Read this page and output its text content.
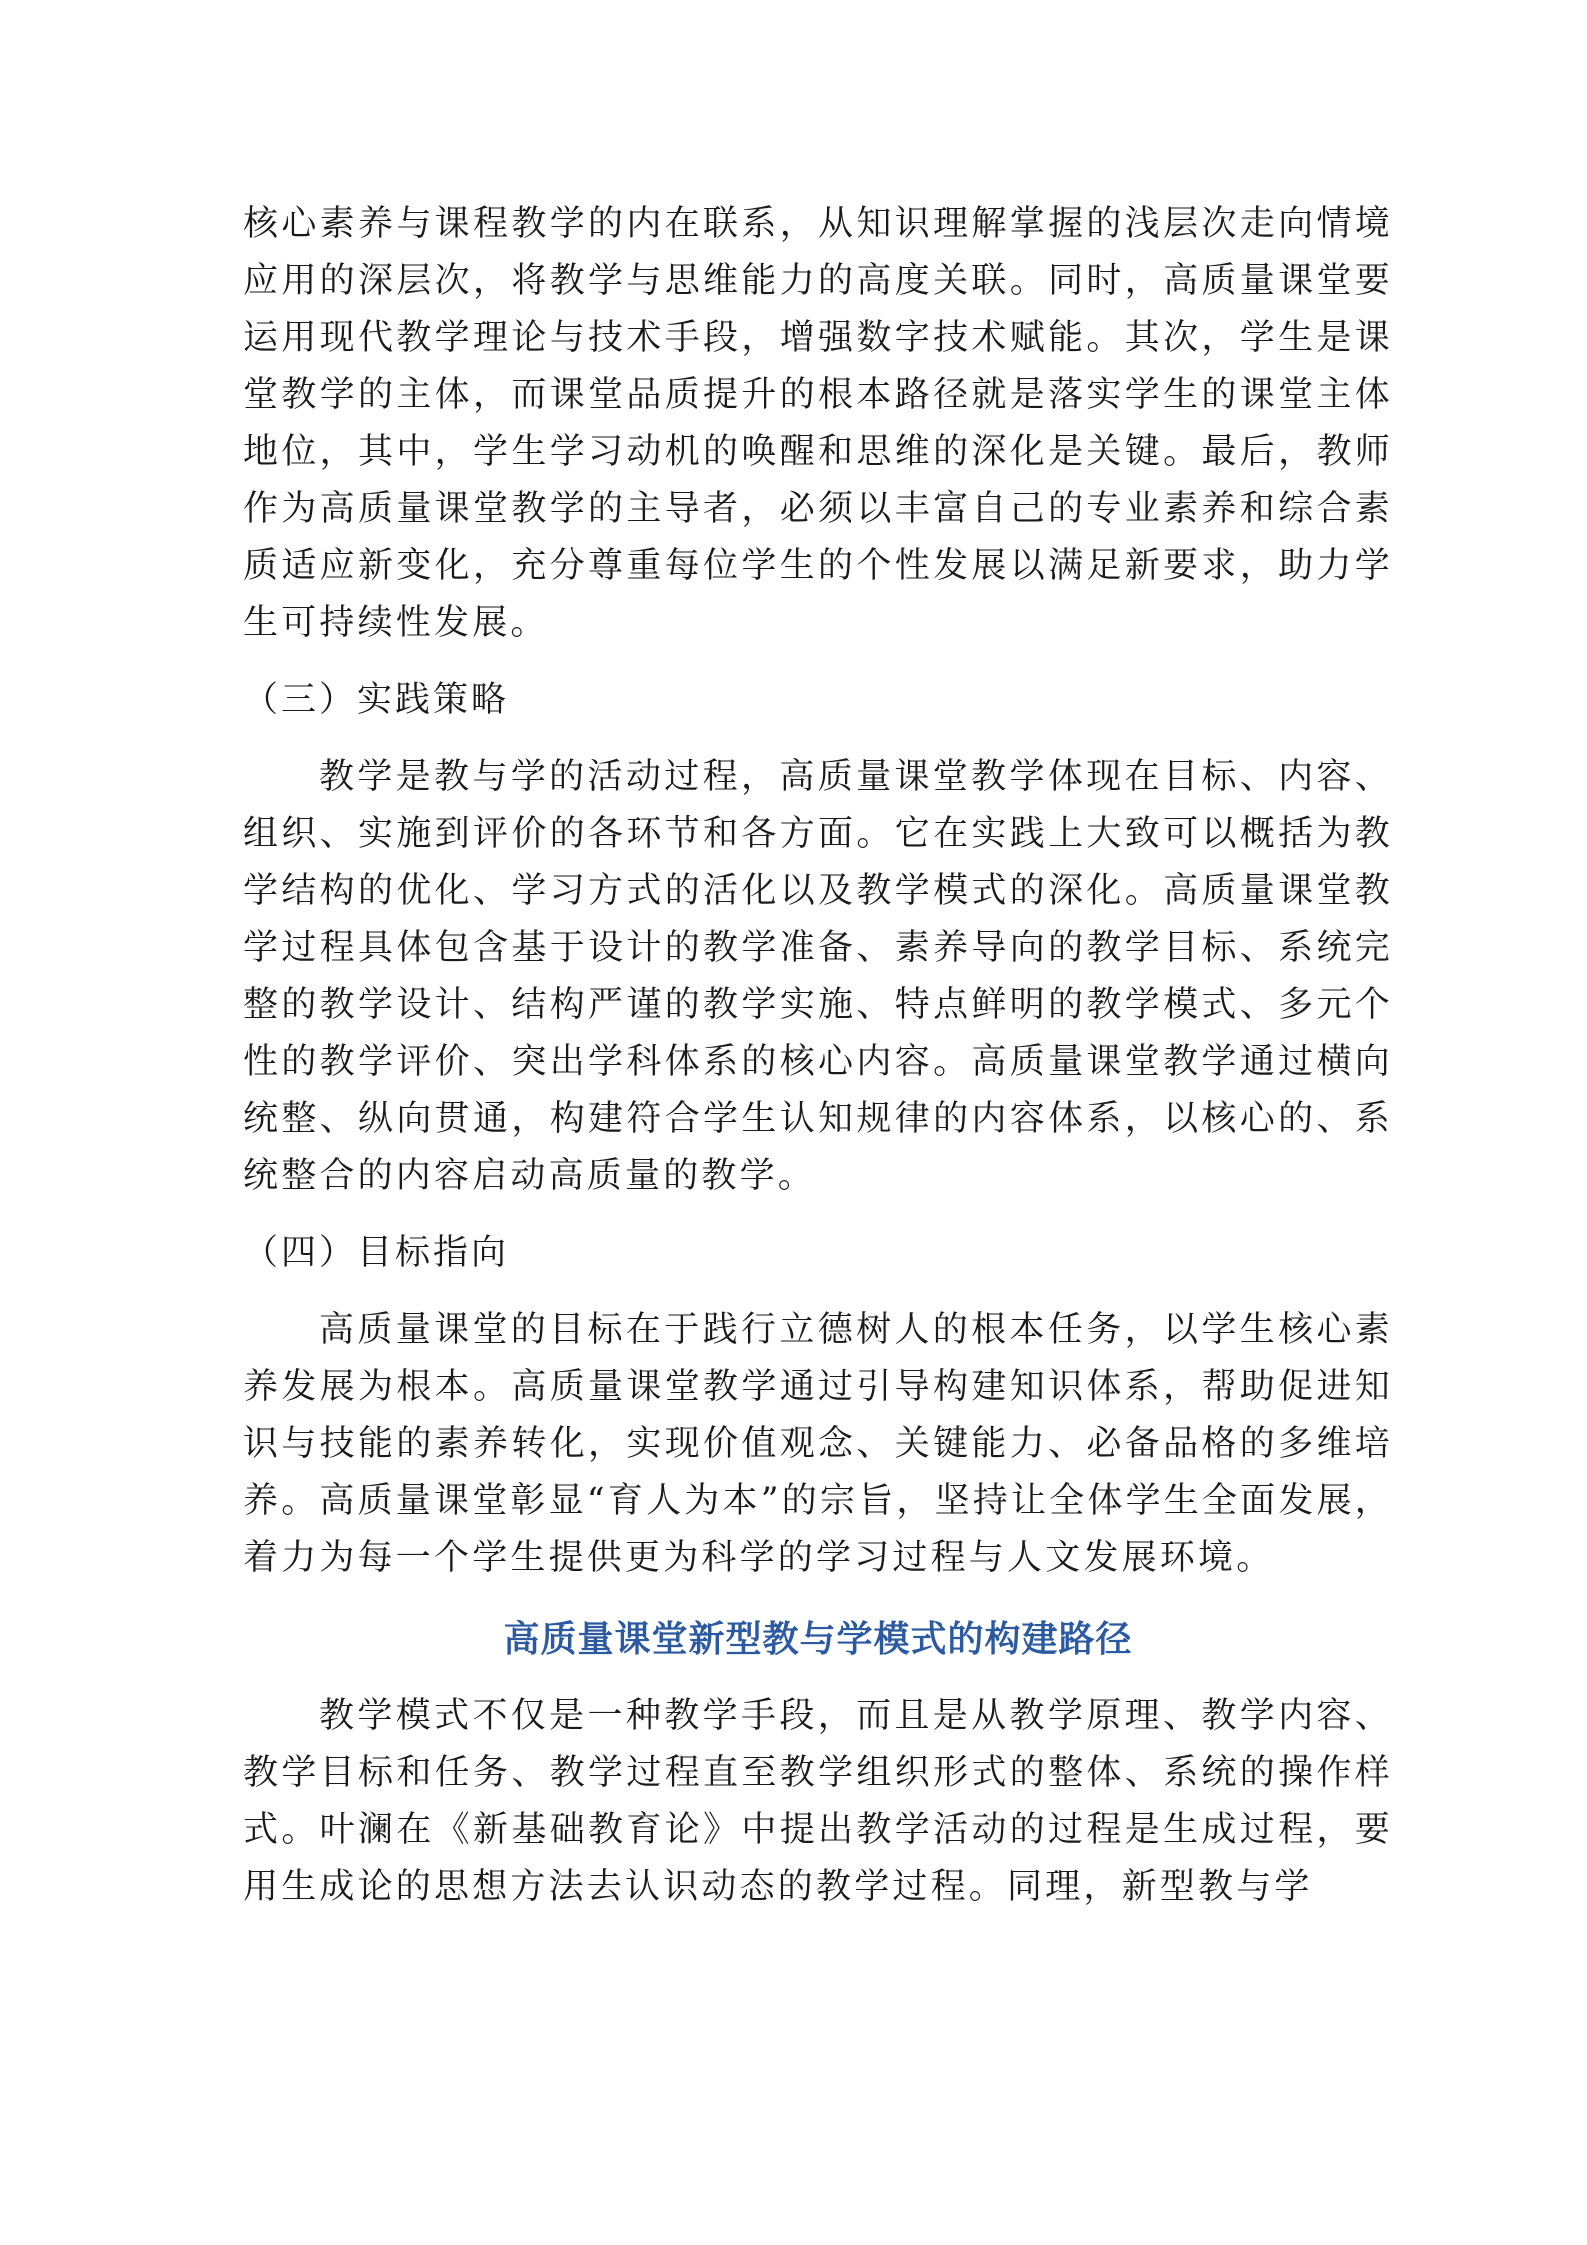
核心素养与课程教学的内在联系，从知识理解掌握的浅层次走向情境应用的深层次，将教学与思维能力的高度关联。同时，高质量课堂要运用现代教学理论与技术手段，增强数字技术赋能。其次，学生是课堂教学的主体，而课堂品质提升的根本路径就是落实学生的课堂主体地位，其中，学生学习动机的唤醒和思维的深化是关键。最后，教师作为高质量课堂教学的主导者，必须以丰富自己的专业素养和综合素质适应新变化，充分尊重每位学生的个性发展以满足新要求，助力学生可持续性发展。

（三）实践策略

教学是教与学的活动过程，高质量课堂教学体现在目标、内容、组织、实施到评价的各环节和各方面。它在实践上大致可以概括为教学结构的优化、学习方式的活化以及教学模式的深化。高质量课堂教学过程具体包含基于设计的教学准备、素养导向的教学目标、系统完整的教学设计、结构严谨的教学实施、特点鲜明的教学模式、多元个性的教学评价、突出学科体系的核心内容。高质量课堂教学通过横向统整、纵向贯通，构建符合学生认知规律的内容体系，以核心的、系统整合的内容启动高质量的教学。

（四）目标指向

高质量课堂的目标在于践行立德树人的根本任务，以学生核心素养发展为根本。高质量课堂教学通过引导构建知识体系，帮助促进知识与技能的素养转化，实现价值观念、关键能力、必备品格的多维培养。高质量课堂彰显“育人为本”的宗旨，坚持让全体学生全面发展，着力为每一个学生提供更为科学的学习过程与人文发展环境。

高质量课堂新型教与学模式的构建路径

教学模式不仅是一种教学手段，而且是从教学原理、教学内容、教学目标和任务、教学过程直至教学组织形式的整体、系统的操作样式。叶澜在《新基础教育论》中提出教学活动的过程是生成过程，要用生成论的思想方法去认识动态的教学过程。同理，新型教与学
